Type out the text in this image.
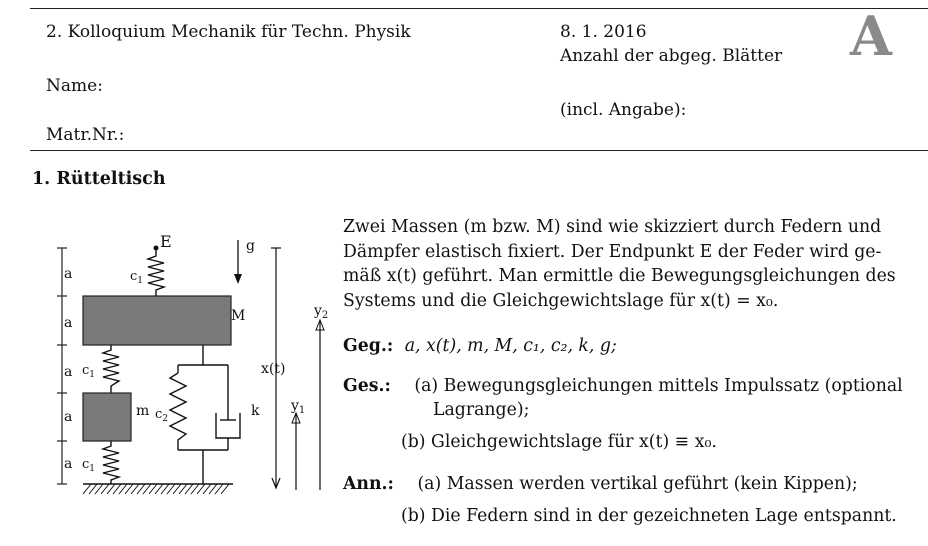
2. Kolloquium Mechanik für Techn. Physik	8. 1. 2016
Anzahl der abgeg. Blätter A
Name:
(incl. Angabe):
Matr.Nr.:
1. Rütteltisch
a
a
a
a
a
E
$c_1$
g
M
$c_1$
m
$c_1$
$c_2$	k
x(t)
$y_1$
$y_2$
Zwei Massen (m bzw. M) sind wie skizziert durch Federn und
Dämpfer elastisch fixiert. Der Endpunkt E der Feder wird ge-
mäß x(t) geführt. Man ermittle die Bewegungsgleichungen des
Systems und die Gleichgewichtslage für x(t) = x₀.
Geg.: a, x(t), m, M, c₁, c₂, k, g;
Ges.: (a) Bewegungsgleichungen mittels Impulssatz (optional
Lagrange);
(b) Gleichgewichtslage für x(t) ≡ x₀.
Ann.: (a) Massen werden vertikal geführt (kein Kippen);
(b) Die Federn sind in der gezeichneten Lage entspannt.
